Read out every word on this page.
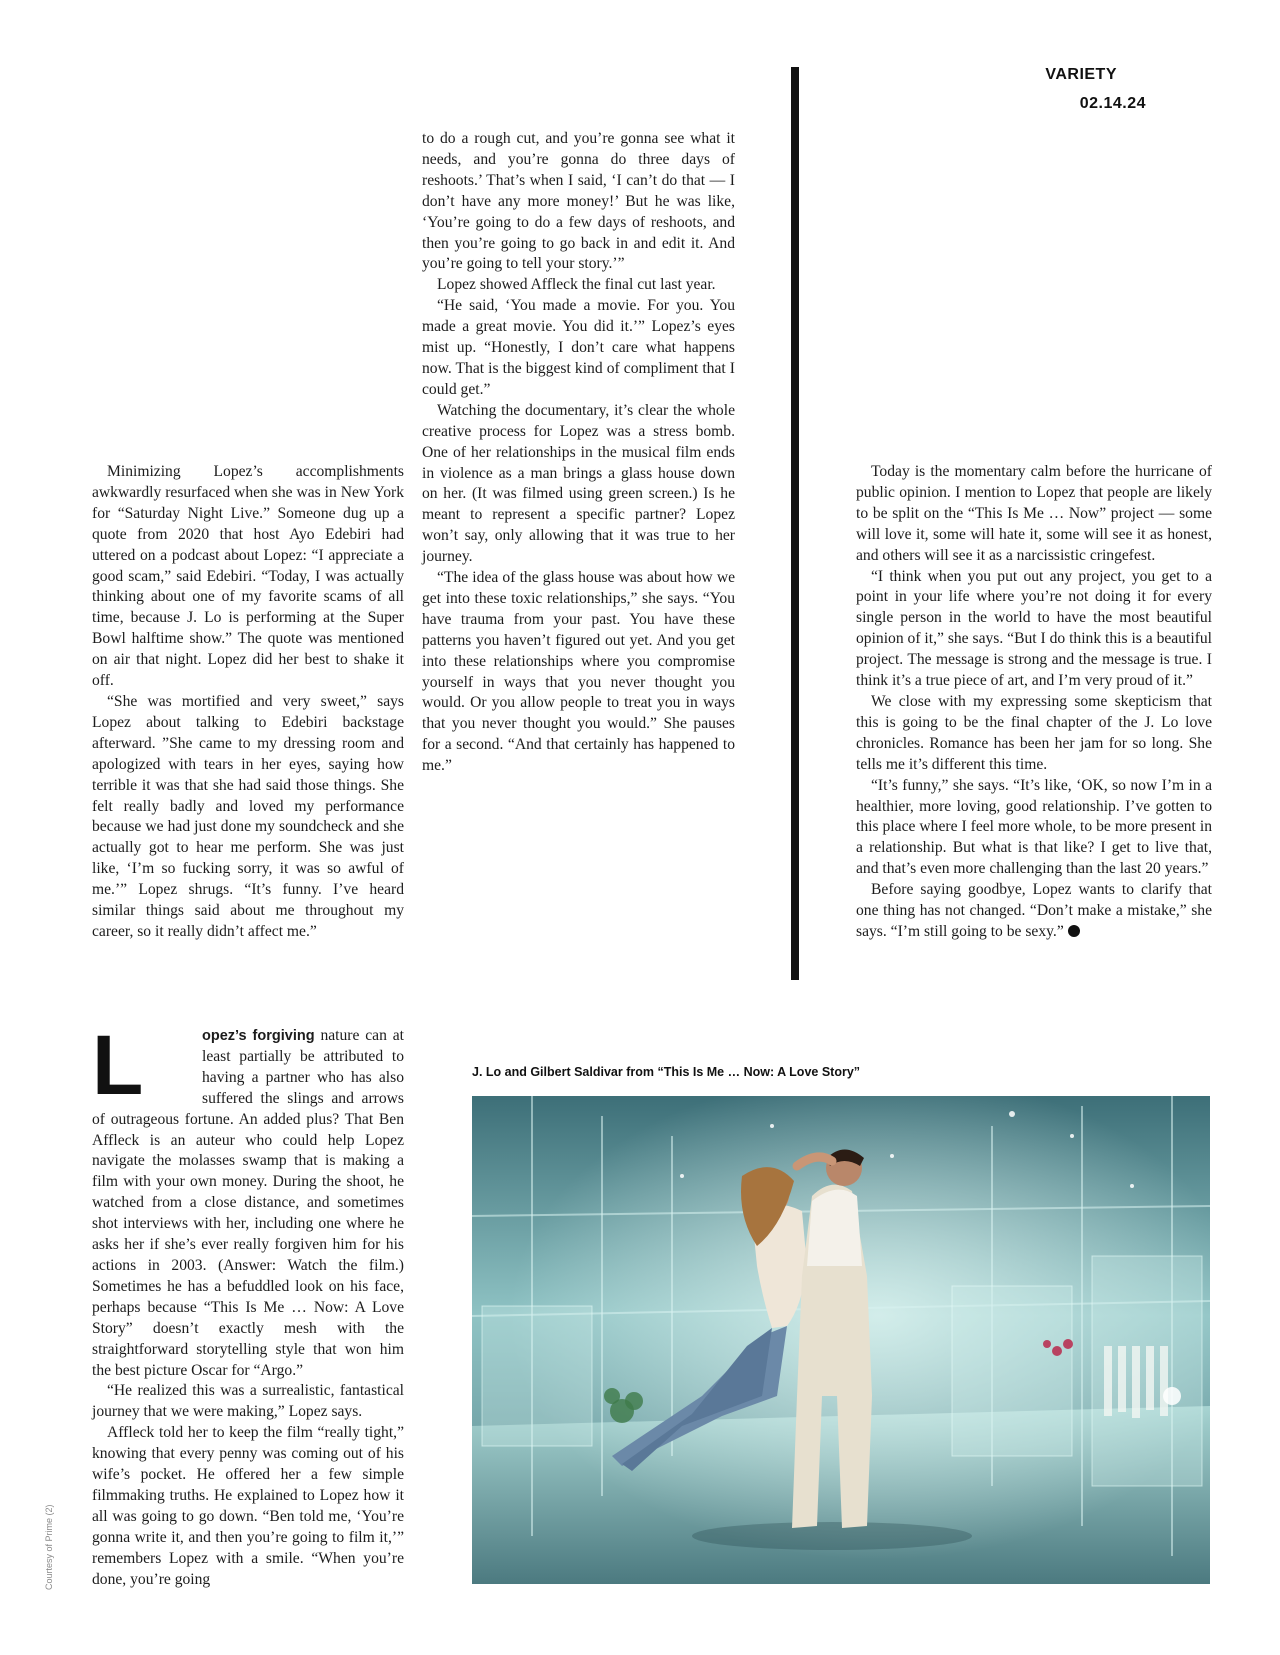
VARIETY
02.14.24

Minimizing Lopez’s accomplishments awkwardly resurfaced when she was in New York for “Saturday Night Live.” Someone dug up a quote from 2020 that host Ayo Edebiri had uttered on a podcast about Lopez: “I appreciate a good scam,” said Edebiri. “Today, I was actually thinking about one of my favorite scams of all time, because J. Lo is performing at the Super Bowl halftime show.” The quote was mentioned on air that night. Lopez did her best to shake it off.

“She was mortified and very sweet,” says Lopez about talking to Edebiri backstage afterward. ”She came to my dressing room and apologized with tears in her eyes, saying how terrible it was that she had said those things. She felt really badly and loved my performance because we had just done my soundcheck and she actually got to hear me perform. She was just like, ‘I’m so fucking sorry, it was so awful of me.’” Lopez shrugs. “It’s funny. I’ve heard similar things said about me throughout my career, so it really didn’t affect me.”

to do a rough cut, and you’re gonna see what it needs, and you’re gonna do three days of reshoots.’ That’s when I said, ‘I can’t do that — I don’t have any more money!’ But he was like, ‘You’re going to do a few days of reshoots, and then you’re going to go back in and edit it. And you’re going to tell your story.’”

Lopez showed Affleck the final cut last year.

“He said, ‘You made a movie. For you. You made a great movie. You did it.’” Lopez’s eyes mist up. “Honestly, I don’t care what happens now. That is the biggest kind of compliment that I could get.”

Watching the documentary, it’s clear the whole creative process for Lopez was a stress bomb. One of her relationships in the musical film ends in violence as a man brings a glass house down on her. (It was filmed using green screen.) Is he meant to represent a specific partner? Lopez won’t say, only allowing that it was true to her journey.

“The idea of the glass house was about how we get into these toxic relationships,” she says. “You have trauma from your past. You have these patterns you haven’t figured out yet. And you get into these relationships where you compromise yourself in ways that you never thought you would. Or you allow people to treat you in ways that you never thought you would.” She pauses for a second. “And that certainly has happened to me.”

Today is the momentary calm before the hurricane of public opinion. I mention to Lopez that people are likely to be split on the “This Is Me … Now” project — some will love it, some will hate it, some will see it as honest, and others will see it as a narcissistic cringefest.

“I think when you put out any project, you get to a point in your life where you’re not doing it for every single person in the world to have the most beautiful opinion of it,” she says. “But I do think this is a beautiful project. The message is strong and the message is true. I think it’s a true piece of art, and I’m very proud of it.”

We close with my expressing some skepticism that this is going to be the final chapter of the J. Lo love chronicles. Romance has been her jam for so long. She tells me it’s different this time.

“It’s funny,” she says. “It’s like, ‘OK, so now I’m in a healthier, more loving, good relationship. I’ve gotten to this place where I feel more whole, to be more present in a relationship. But what is that like? I get to live that, and that’s even more challenging than the last 20 years.”

Before saying goodbye, Lopez wants to clarify that one thing has not changed. “Don’t make a mistake,” she says. “I’m still going to be sexy.”

L	opez’s forgiving nature can at least partially be attributed to having a partner who has also suffered the slings and arrows of outrageous fortune. An added plus? That Ben Affleck is an auteur who could help Lopez navigate the molasses swamp that is making a film with your own money. During the shoot, he watched from a close distance, and sometimes shot interviews with her, including one where he asks her if she’s ever really forgiven him for his actions in 2003. (Answer: Watch the film.) Sometimes he has a befuddled look on his face, perhaps because “This Is Me … Now: A Love Story” doesn’t exactly mesh with the straightforward storytelling style that won him the best picture Oscar for “Argo.”

“He realized this was a surrealistic, fantastical journey that we were making,” Lopez says.

Affleck told her to keep the film “really tight,” knowing that every penny was coming out of his wife’s pocket. He offered her a few simple filmmaking truths. He explained to Lopez how it all was going to go down. “Ben told me, ‘You’re gonna write it, and then you’re going to film it,’” remembers Lopez with a smile. “When you’re done, you’re going

J. Lo and Gilbert Saldivar from “This Is Me … Now: A Love Story”
Courtesy of Prime (2)
